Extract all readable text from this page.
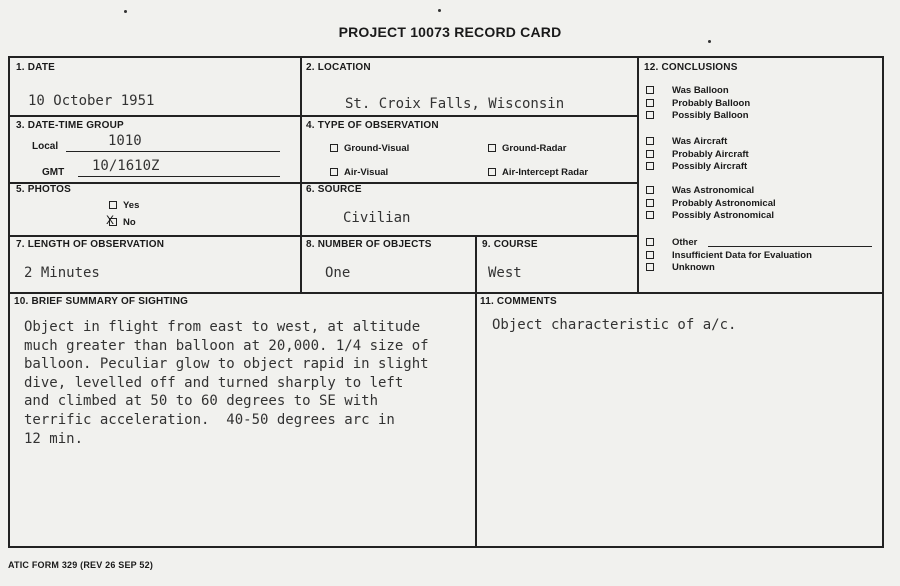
PROJECT 10073 RECORD CARD
1. DATE
10 October 1951
2. LOCATION
St. Croix Falls, Wisconsin
3. DATE-TIME GROUP
Local	1010
GMT 10/1610Z
4. TYPE OF OBSERVATION
Ground-Visual	Ground-Radar
Air-Visual	Air-Intercept Radar
5. PHOTOS
Yes
X No
6. SOURCE
Civilian
7. LENGTH OF OBSERVATION
2 Minutes
8. NUMBER OF OBJECTS
One
9. COURSE
West
10. BRIEF SUMMARY OF SIGHTING
Object in flight from east to west, at altitude
much greater than balloon at 20,000. 1/4 size of
balloon. Peculiar glow to object rapid in slight
dive, levelled off and turned sharply to left
and climbed at 50 to 60 degrees to SE with
terrific acceleration.  40-50 degrees arc in
12 min.
11. COMMENTS
Object characteristic of a/c.
12. CONCLUSIONS
Was Balloon
Probably Balloon
Possibly Balloon
Was Aircraft
Probably Aircraft
Possibly Aircraft
Was Astronomical
Probably Astronomical
Possibly Astronomical
Other
Insufficient Data for Evaluation
Unknown
ATIC FORM 329 (REV 26 SEP 52)
